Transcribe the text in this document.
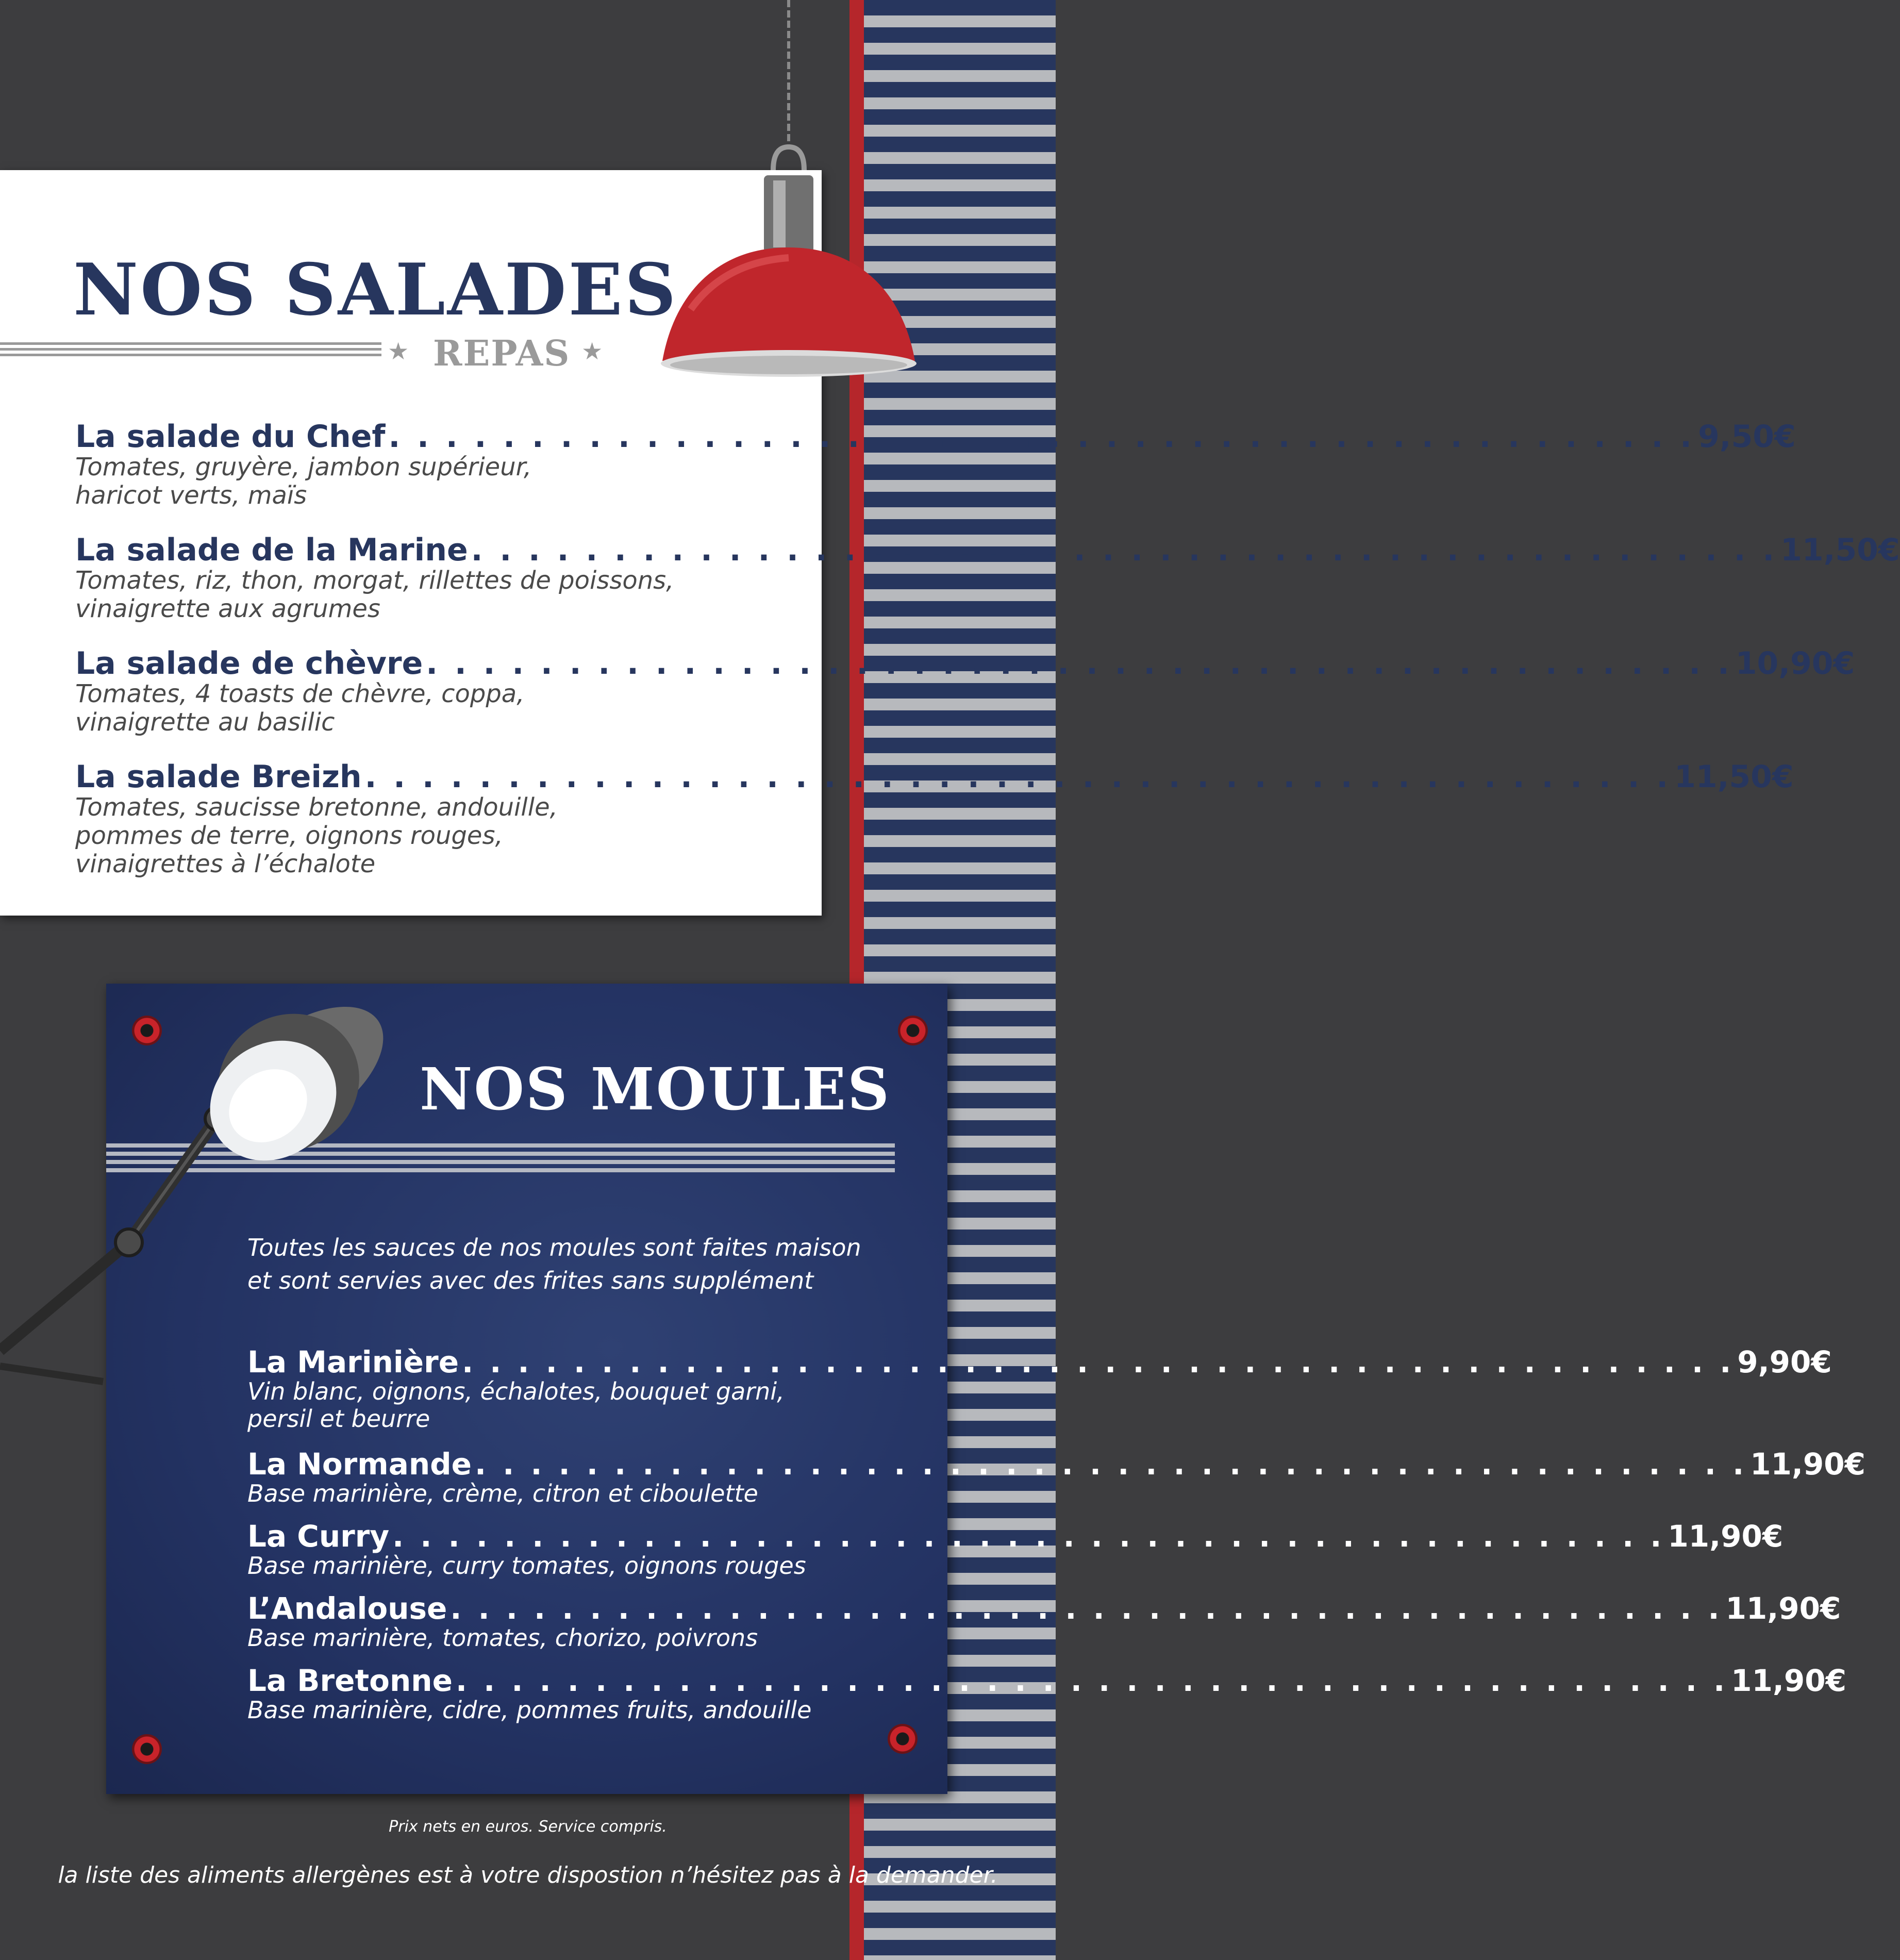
NOS SALADES
★ REPAS ★
La salade du Chef . . . . . . . . . . . . . . . . . . . . . . . . . . . . . . . . . . . . . . . . . . . . . . 9,50€
Tomates, gruyère, jambon supérieur,
haricot verts, maïs
La salade de la Marine . . . . . . . . . . . . . . . . . . . . . . . . . . . . . . . . . . . . . . . . . . . . . . 11,50€
Tomates, riz, thon, morgat, rillettes de poissons,
vinaigrette aux agrumes
La salade de chèvre . . . . . . . . . . . . . . . . . . . . . . . . . . . . . . . . . . . . . . . . . . . . . . 10,90€
Tomates, 4 toasts de chèvre, coppa,
vinaigrette au basilic
La salade Breizh . . . . . . . . . . . . . . . . . . . . . . . . . . . . . . . . . . . . . . . . . . . . . . 11,50€
Tomates, saucisse bretonne, andouille,
pommes de terre, oignons rouges,
vinaigrettes à l’échalote
NOS MOULES

Toutes les sauces de nos moules sont faites maison
et sont servies avec des frites sans supplément

La Marinière . . . . . . . . . . . . . . . . . . . . . . . . . . . . . . . . . . . . . . . . . . . . . . 9,90€
Vin blanc, oignons, échalotes, bouquet garni,
persil et beurre
La Normande . . . . . . . . . . . . . . . . . . . . . . . . . . . . . . . . . . . . . . . . . . . . . . 11,90€
Base marinière, crème, citron et ciboulette
La Curry . . . . . . . . . . . . . . . . . . . . . . . . . . . . . . . . . . . . . . . . . . . . . . 11,90€
Base marinière, curry tomates, oignons rouges
L’Andalouse . . . . . . . . . . . . . . . . . . . . . . . . . . . . . . . . . . . . . . . . . . . . . . 11,90€
Base marinière, tomates, chorizo, poivrons
La Bretonne . . . . . . . . . . . . . . . . . . . . . . . . . . . . . . . . . . . . . . . . . . . . . . 11,90€
Base marinière, cidre, pommes fruits, andouille

Prix nets en euros. Service compris.

la liste des aliments allergènes est à votre dispostion n’hésitez pas à la demander.
